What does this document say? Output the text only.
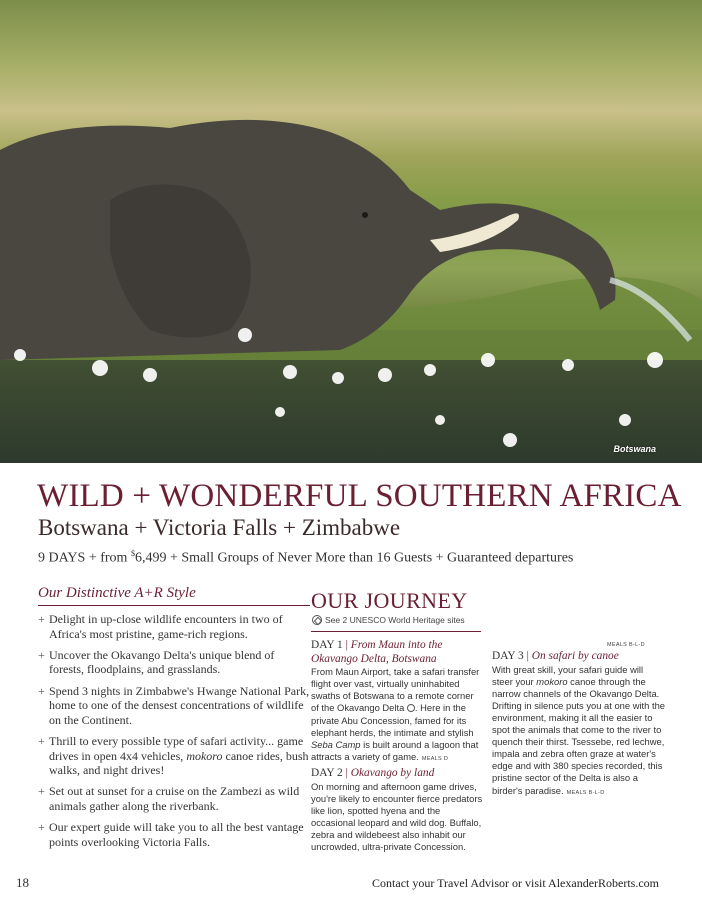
Botswana
WILD + WONDERFUL SOUTHERN AFRICA
Botswana + Victoria Falls + Zimbabwe
9 DAYS + from $6,499 + Small Groups of Never More than 16 Guests + Guaranteed departures
Our Distinctive A+R Style
+ Delight in up-close wildlife encounters in two of Africa's most pristine, game-rich regions.
+ Uncover the Okavango Delta's unique blend of forests, floodplains, and grasslands.
+ Spend 3 nights in Zimbabwe's Hwange National Park, home to one of the densest concentrations of wildlife on the Continent.
+ Thrill to every possible type of safari activity... game drives in open 4x4 vehicles, mokoro canoe rides, bush walks, and night drives!
+ Set out at sunset for a cruise on the Zambezi as wild animals gather along the riverbank.
+ Our expert guide will take you to all the best vantage points overlooking Victoria Falls.
OUR JOURNEY
See 2 UNESCO World Heritage sites
DAY 1 | From Maun into the Okavango Delta, Botswana

From Maun Airport, take a safari transfer flight over vast, virtually uninhabited swaths of Botswana to a remote corner of the Okavango Delta . Here in the private Abu Concession, famed for its elephant herds, the intimate and stylish Seba Camp is built around a lagoon that attracts a variety of game. MEALS D

DAY 2 | Okavango by land

On morning and afternoon game drives, you're likely to encounter fierce predators like lion, spotted hyena and the occasional leopard and wild dog. Buffalo, zebra and wildebeest also inhabit our uncrowded, ultra-private Concession.

MEALS B-L-D

DAY 3 | On safari by canoe

With great skill, your safari guide will steer your mokoro canoe through the narrow channels of the Okavango Delta. Drifting in silence puts you at one with the environment, making it all the easier to spot the animals that come to the river to quench their thirst. Tsessebe, red lechwe, impala and zebra often graze at water's edge and with 380 species recorded, this pristine sector of the Delta is also a birder's paradise. MEALS B-L-D

18	Contact your Travel Advisor or visit AlexanderRoberts.com
